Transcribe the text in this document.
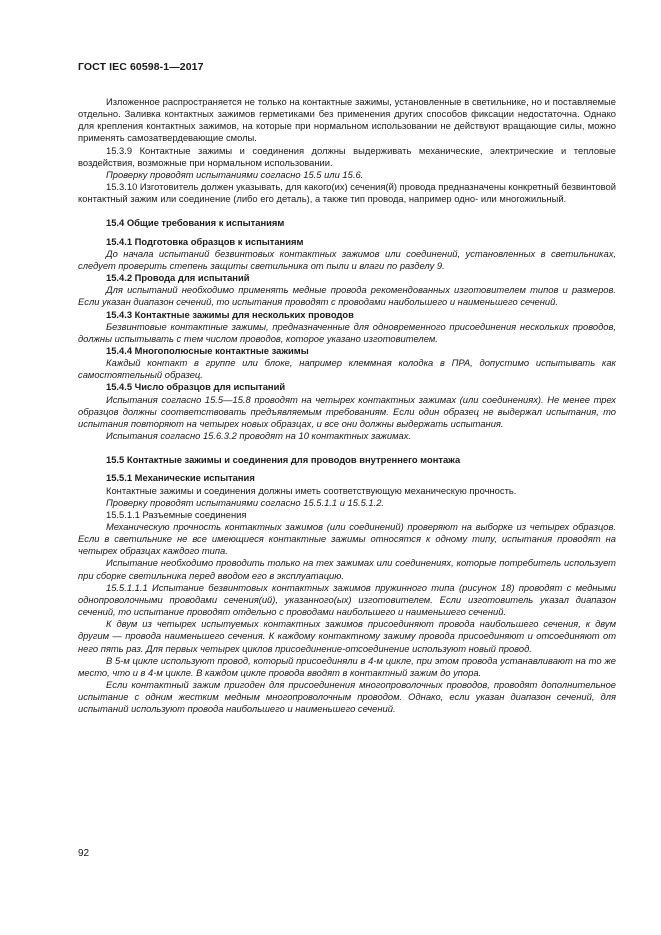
ГОСТ IEC 60598-1—2017

Изложенное распространяется не только на контактные зажимы, установленные в светильнике, но и поставляемые отдельно. Заливка контактных зажимов герметиками без применения других способов фиксации недостаточна. Однако для крепления контактных зажимов, на которые при нормальном использовании не действуют вращающие силы, можно применять самозатвердевающие смолы.

15.3.9 Контактные зажимы и соединения должны выдерживать механические, электрические и тепловые воздействия, возможные при нормальном использовании.

Проверку проводят испытаниями согласно 15.5 или 15.6.

15.3.10 Изготовитель должен указывать, для какого(их) сечения(й) провода предназначены конкретный безвинтовой контактный зажим или соединение (либо его деталь), а также тип провода, например одно- или многожильный.

15.4 Общие требования к испытаниям

15.4.1 Подготовка образцов к испытаниям

До начала испытаний безвинтовых контактных зажимов или соединений, установленных в светильниках, следует проверить степень защиты светильника от пыли и влаги по разделу 9.

15.4.2 Провода для испытаний

Для испытаний необходимо применять медные провода рекомендованных изготовителем типов и размеров. Если указан диапазон сечений, то испытания проводят с проводами наибольшего и наименьшего сечений.

15.4.3 Контактные зажимы для нескольких проводов

Безвинтовые контактные зажимы, предназначенные для одновременного присоединения нескольких проводов, должны испытывать с тем числом проводов, которое указано изготовителем.

15.4.4 Многополюсные контактные зажимы

Каждый контакт в группе или блоке, например клеммная колодка в ПРА, допустимо испытывать как самостоятельный образец.

15.4.5 Число образцов для испытаний

Испытания согласно 15.5—15.8 проводят на четырех контактных зажимах (или соединениях). Не менее трех образцов должны соответствовать предъявляемым требованиям. Если один образец не выдержал испытания, то испытания повторяют на четырех новых образцах, и все они должны выдержать испытания.

Испытания согласно 15.6.3.2 проводят на 10 контактных зажимах.

15.5 Контактные зажимы и соединения для проводов внутреннего монтажа

15.5.1 Механические испытания

Контактные зажимы и соединения должны иметь соответствующую механическую прочность.

Проверку проводят испытаниями согласно 15.5.1.1 и 15.5.1.2.

15.5.1.1 Разъемные соединения

Механическую прочность контактных зажимов (или соединений) проверяют на выборке из четырех образцов. Если в светильнике не все имеющиеся контактные зажимы относятся к одному типу, испытания проводят на четырех образцах каждого типа.

Испытание необходимо проводить только на тех зажимах или соединениях, которые потребитель использует при сборке светильника перед вводом его в эксплуатацию.

15.5.1.1.1 Испытание безвинтовых контактных зажимов пружинного типа (рисунок 18) проводят с медными однопроволочными проводами сечения(ий), указанного(ых) изготовителем. Если изготовитель указал диапазон сечений, то испытание проводят отдельно с проводами наибольшего и наименьшего сечений.

К двум из четырех испытуемых контактных зажимов присоединяют провода наибольшего сечения, к двум другим — провода наименьшего сечения. К каждому контактному зажиму провода присоединяют и отсоединяют от него пять раз. Для первых четырех циклов присоединение-отсоединение используют новый провод.

В 5-м цикле используют провод, который присоединяли в 4-м цикле, при этом провода устанавливают на то же место, что и в 4-м цикле. В каждом цикле провода вводят в контактный зажим до упора.

Если контактный зажим пригоден для присоединения многопроволочных проводов, проводят дополнительное испытание с одним жестким медным многопроволочным проводом. Однако, если указан диапазон сечений, для испытаний используют провода наибольшего и наименьшего сечений.

92
